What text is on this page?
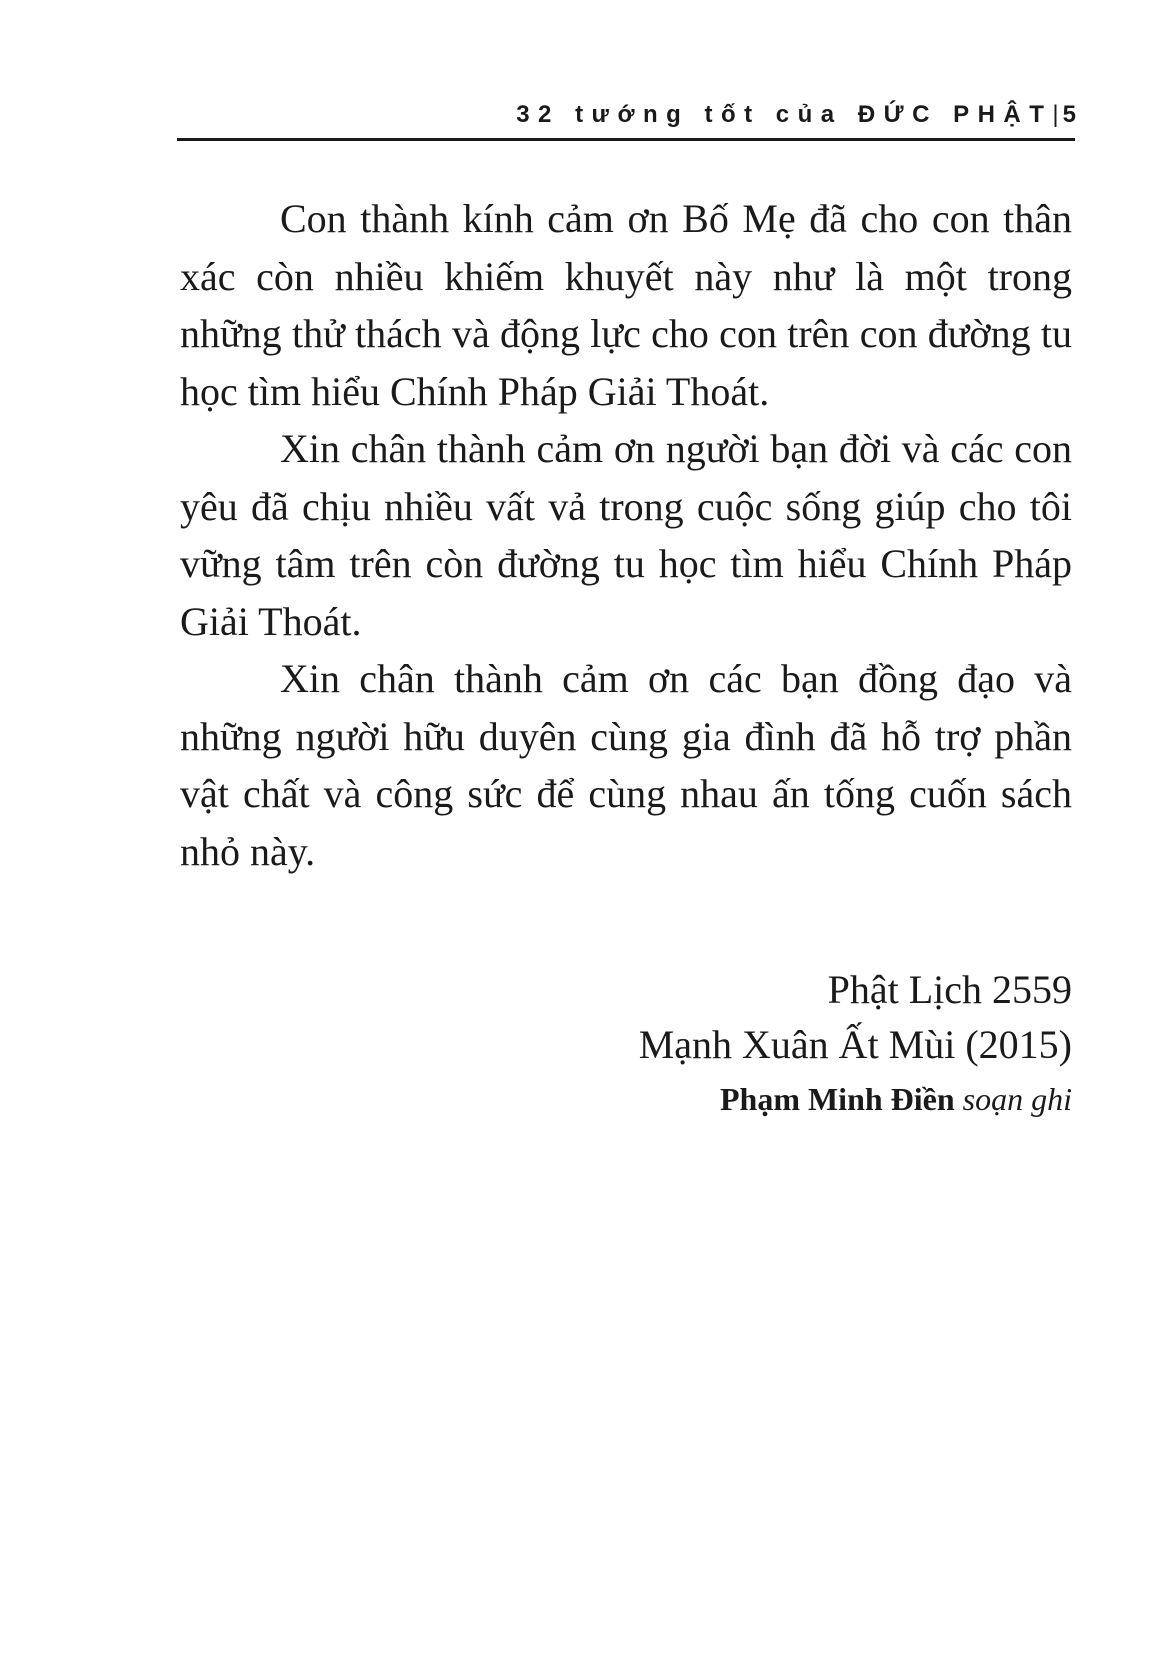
32 tướng tốt của ĐỨC PHẬT| 5

Con thành kính cảm ơn Bố Mẹ đã cho con thân xác còn nhiều khiếm khuyết này như là một trong những thử thách và động lực cho con trên con đường tu học tìm hiểu Chính Pháp Giải Thoát.

Xin chân thành cảm ơn người bạn đời và các con yêu đã chịu nhiều vất vả trong cuộc sống giúp cho tôi vững tâm trên còn đường tu học tìm hiểu Chính Pháp Giải Thoát.

Xin chân thành cảm ơn các bạn đồng đạo và những người hữu duyên cùng gia đình đã hỗ trợ phần vật chất và công sức để cùng nhau ấn tống cuốn sách nhỏ này.

Phật Lịch 2559
Mạnh Xuân Ất Mùi (2015)
Phạm Minh Điền soạn ghi
